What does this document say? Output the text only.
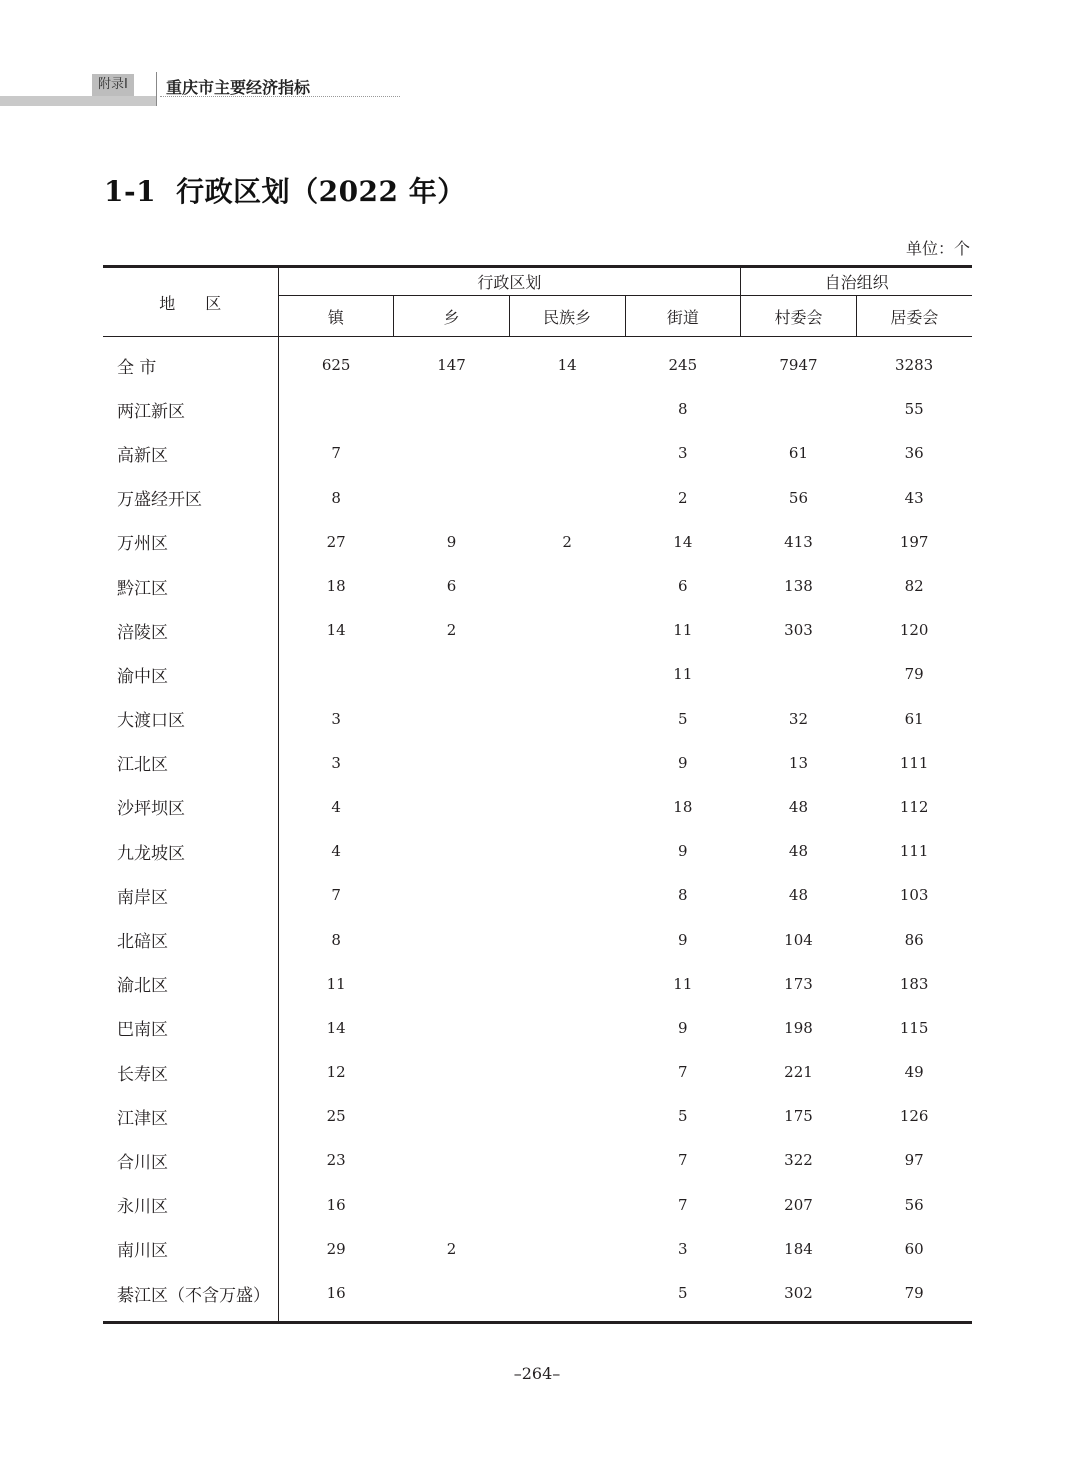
附录Ⅰ	重庆市主要经济指标
1-1 行政区划（2022 年）
单位：个
地区	行政区划				自治组织	
	镇	乡	民族乡	街道	村委会	居委会
全 市	625	147	14	245	7947	3283
两江新区				8		55
高新区	7			3	61	36
万盛经开区	8			2	56	43
万州区	27	9	2	14	413	197
黔江区	18	6		6	138	82
涪陵区	14	2		11	303	120
渝中区				11		79
大渡口区	3			5	32	61
江北区	3			9	13	111
沙坪坝区	4			18	48	112
九龙坡区	4			9	48	111
南岸区	7			8	48	103
北碚区	8			9	104	86
渝北区	11			11	173	183
巴南区	14			9	198	115
长寿区	12			7	221	49
江津区	25			5	175	126
合川区	23			7	322	97
永川区	16			7	207	56
南川区	29	2		3	184	60
綦江区（不含万盛）	16			5	302	79
–264–
